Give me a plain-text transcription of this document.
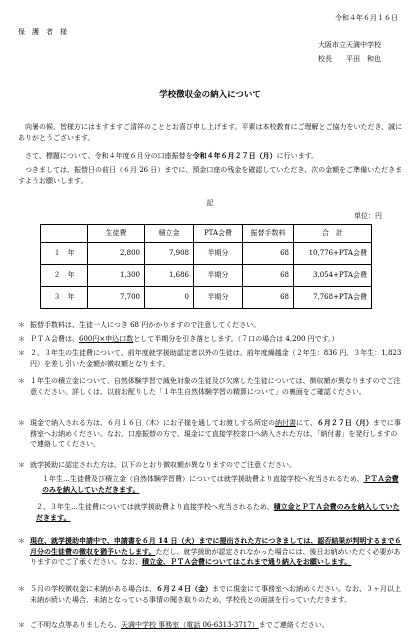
令和４年６月１６日
保　護　者　様
大阪市立天満中学校
校長　　平田　和也
学校徴収金の納入について
向暑の候、皆様方にはますますご清祥のこととお喜び申し上げます。平素は本校教育にご理解とご協力をいただき、誠にありがとうございます。
さて、標題について、令和４年度６月分の口座振替を令和４年６月２７日（月）に行います。
つきましては、振替日の前日（６月 26 日）までに、預金口座の残金を確認していただき、次の金額をご準備いただきますようお願いします。
記
単位：円
	生徒費	積立金	PTA会費	振替手数料	合　計
１　年	2,800	7,908	半期分	68	10,776+PTA会費
２　年	1,300	1,686	半期分	68	3,054+PTA会費
３　年	7,700	0	半期分	68	7,768+PTA会費
＊ 振替手数料は、生徒一人につき 68 円かかりますので注意してください。
＊ ＰＴＡ会費は、600円×申込口数として半期分を引き落とします。（７口の場合は 4,200 円です。）
＊ ２、３年生の生徒費について、前年度就学援助認定者以外の生徒は、前年度繰越金（２年生：836 円、３年生：1,823 円）を差し引いた金額が徴収額となります。
＊ １年生の積立金について、自然体験学習で減免対象の生徒及び欠席した生徒については、徴収額が異なりますのでご注意ください。詳しくは、以前お配りした「１年生自然体験学習の精算について」の裏面をご確認ください。
＊ 現金で納入される方は、６月１６日（木）にお子様を通してお渡しする所定の納付書にて、６月２７日（月）までに事務室へお納めください。なお、口座振替の方で、現金にて直接学校窓口へ納入された方は、「納付書」を発行しますので連絡してください。
＊ 就学援助に認定された方は、以下のとおり徴収額が異なりますのでご注意ください。
１年生…生徒費及び積立金（自然体験学習費）については就学援助費より直接学校へ充当されるため、ＰＴＡ会費のみを納入していただきます。
２、３年生…生徒費については就学援助費より直接学校へ充当されるため、積立金とＰＴＡ会費のみを納入していただきます。
＊ 現在、就学援助申請中で、申請書を６月 14 日（火）までに提出された方につきましては、認否結果が判明するまで６月分の生徒費の徴収を猶予いたします。ただし、就学援助が認定されなかった場合には、後日お納めいただく必要がありますのでご了承ください。なお、積立金、ＰＴＡ会費についてはこれまで通り納入をお願いします。
＊ ５月の学校徴収金に未納がある場合は、６月２４日（金）までに現金にて事務室へお納めください。なお、３ヶ月以上未納が続いた場合、未納となっている事情の聞き取りのため、学校長との面談を行っていただきます。
＊ ご不明な点等ありましたら、天満中学校 事務室（電話 06-6313-3717）までご連絡ください。
